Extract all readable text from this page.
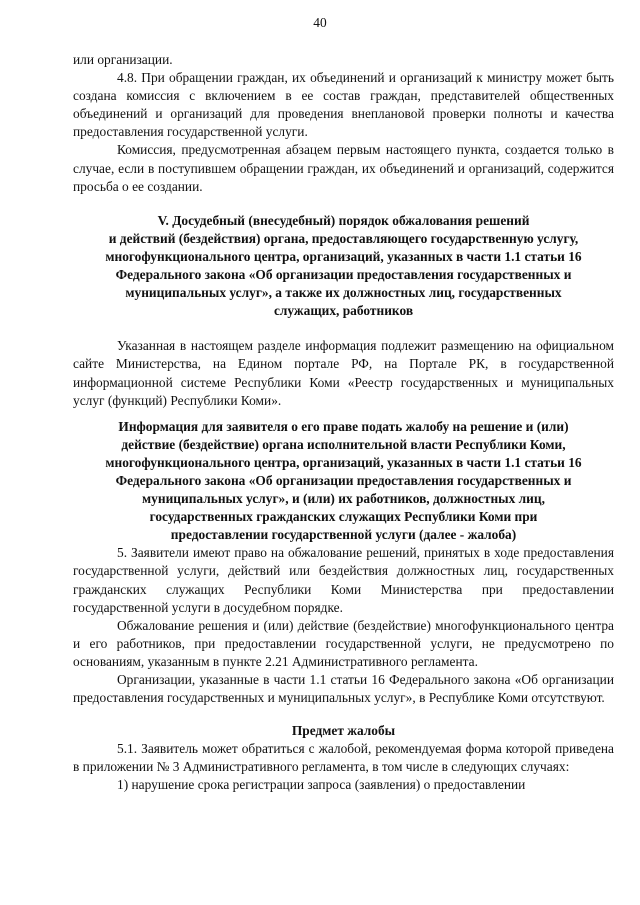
40

или организации.

4.8. При обращении граждан, их объединений и организаций к министру может быть создана комиссия с включением в ее состав граждан, представителей общественных объединений и организаций для проведения внеплановой проверки полноты и качества предоставления государственной услуги.

Комиссия, предусмотренная абзацем первым настоящего пункта, создается только в случае, если в поступившем обращении граждан, их объединений и организаций, содержится просьба о ее создании.

V. Досудебный (внесудебный) порядок обжалования решений
и действий (бездействия) органа, предоставляющего государственную услугу,
многофункционального центра, организаций, указанных в части 1.1 статьи 16
Федерального закона «Об организации предоставления государственных и
муниципальных услуг», а также их должностных лиц, государственных
служащих, работников

Указанная в настоящем разделе информация подлежит размещению на официальном сайте Министерства, на Едином портале РФ, на Портале РК, в государственной информационной системе Республики Коми «Реестр государственных и муниципальных услуг (функций) Республики Коми».

Информация для заявителя о его праве подать жалобу на решение и (или)
действие (бездействие) органа исполнительной власти Республики Коми,
многофункционального центра, организаций, указанных в части 1.1 статьи 16
Федерального закона «Об организации предоставления государственных и
муниципальных услуг», и (или) их работников, должностных лиц,
государственных гражданских служащих Республики Коми при
предоставлении государственной услуги (далее - жалоба)

5. Заявители имеют право на обжалование решений, принятых в ходе предоставления государственной услуги, действий или бездействия должностных лиц, государственных гражданских служащих Республики Коми Министерства при предоставлении государственной услуги в досудебном порядке.

Обжалование решения и (или) действие (бездействие) многофункционального центра и его работников, при предоставлении государственной услуги, не предусмотрено по основаниям, указанным в пункте 2.21 Административного регламента.

Организации, указанные в части 1.1 статьи 16 Федерального закона «Об организации предоставления государственных и муниципальных услуг», в Республике Коми отсутствуют.

Предмет жалобы

5.1. Заявитель может обратиться с жалобой, рекомендуемая форма которой приведена в приложении № 3 Административного регламента, в том числе в следующих случаях:

1) нарушение срока регистрации запроса (заявления) о предоставлении
